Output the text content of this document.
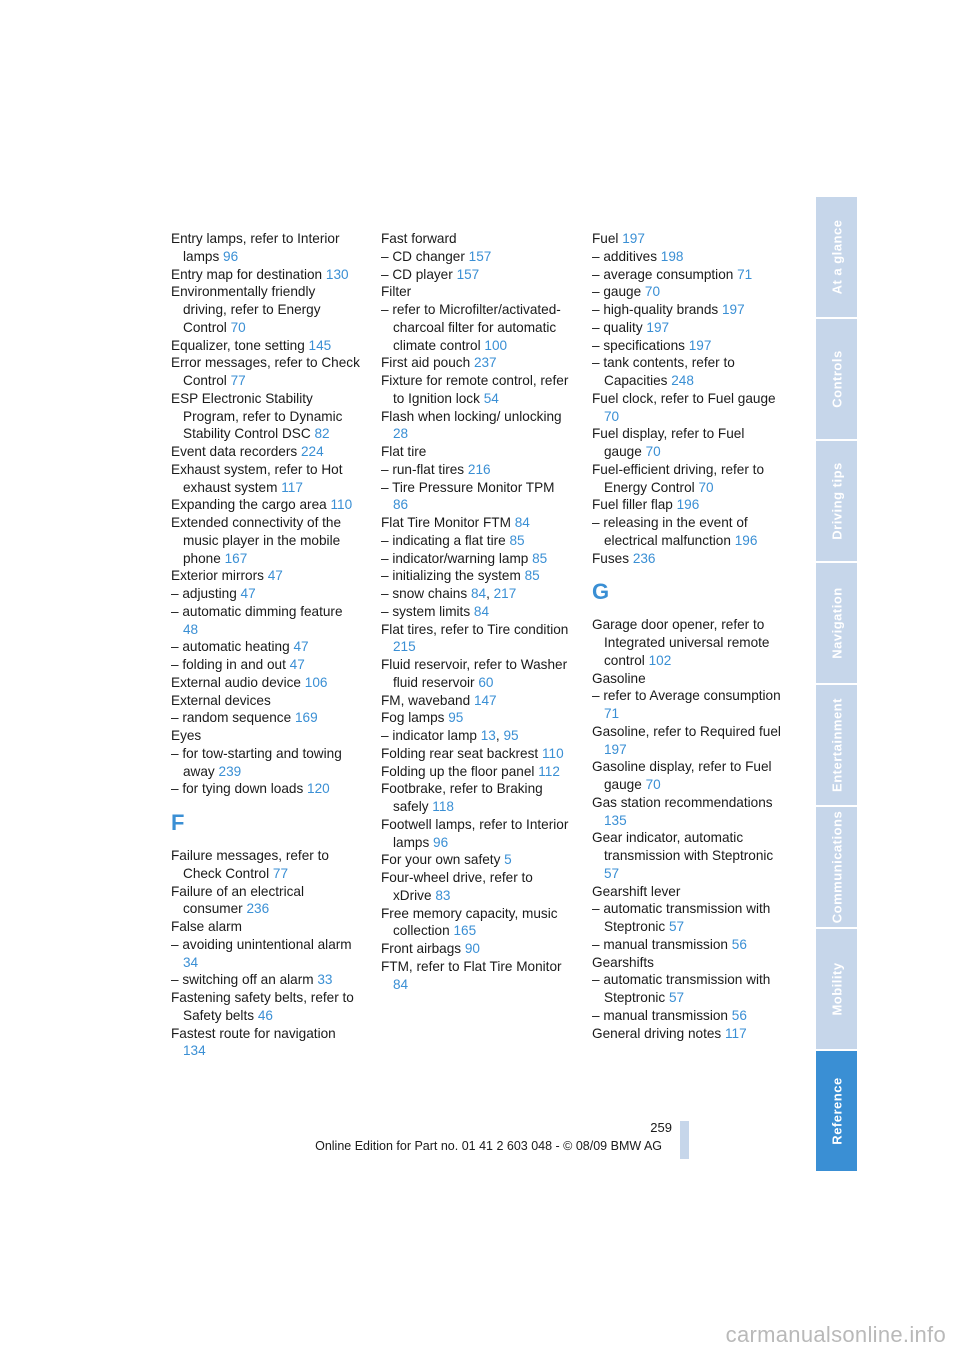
Entry lamps, refer to Interior lamps 96
Entry map for destination 130
Environmentally friendly driving, refer to Energy Control 70
Equalizer, tone setting 145
Error messages, refer to Check Control 77
ESP Electronic Stability Program, refer to Dynamic Stability Control DSC 82
Event data recorders 224
Exhaust system, refer to Hot exhaust system 117
Expanding the cargo area 110
Extended connectivity of the music player in the mobile phone 167
Exterior mirrors 47
– adjusting 47
– automatic dimming feature 48
– automatic heating 47
– folding in and out 47
External audio device 106
External devices
– random sequence 169
Eyes
– for tow-starting and towing away 239
– for tying down loads 120
F
Failure messages, refer to Check Control 77
Failure of an electrical consumer 236
False alarm
– avoiding unintentional alarm 34
– switching off an alarm 33
Fastening safety belts, refer to Safety belts 46
Fastest route for navigation 134
Fast forward
– CD changer 157
– CD player 157
Filter
– refer to Microfilter/activated-charcoal filter for automatic climate control 100
First aid pouch 237
Fixture for remote control, refer to Ignition lock 54
Flash when locking/ unlocking 28
Flat tire
– run-flat tires 216
– Tire Pressure Monitor TPM 86
Flat Tire Monitor FTM 84
– indicating a flat tire 85
– indicator/warning lamp 85
– initializing the system 85
– snow chains 84, 217
– system limits 84
Flat tires, refer to Tire condition 215
Fluid reservoir, refer to Washer fluid reservoir 60
FM, waveband 147
Fog lamps 95
– indicator lamp 13, 95
Folding rear seat backrest 110
Folding up the floor panel 112
Footbrake, refer to Braking safely 118
Footwell lamps, refer to Interior lamps 96
For your own safety 5
Four-wheel drive, refer to xDrive 83
Free memory capacity, music collection 165
Front airbags 90
FTM, refer to Flat Tire Monitor 84
Fuel 197
– additives 198
– average consumption 71
– gauge 70
– high-quality brands 197
– quality 197
– specifications 197
– tank contents, refer to Capacities 248
Fuel clock, refer to Fuel gauge 70
Fuel display, refer to Fuel gauge 70
Fuel-efficient driving, refer to Energy Control 70
Fuel filler flap 196
– releasing in the event of electrical malfunction 196
Fuses 236
G
Garage door opener, refer to Integrated universal remote control 102
Gasoline
– refer to Average consumption 71
Gasoline, refer to Required fuel 197
Gasoline display, refer to Fuel gauge 70
Gas station recommendations 135
Gear indicator, automatic transmission with Steptronic 57
Gearshift lever
– automatic transmission with Steptronic 57
– manual transmission 56
Gearshifts
– automatic transmission with Steptronic 57
– manual transmission 56
General driving notes 117
At a glance
Controls
Driving tips
Navigation
Entertainment
Communications
Mobility
Reference
259
Online Edition for Part no. 01 41 2 603 048 - © 08/09 BMW AG
carmanualsonline.info
